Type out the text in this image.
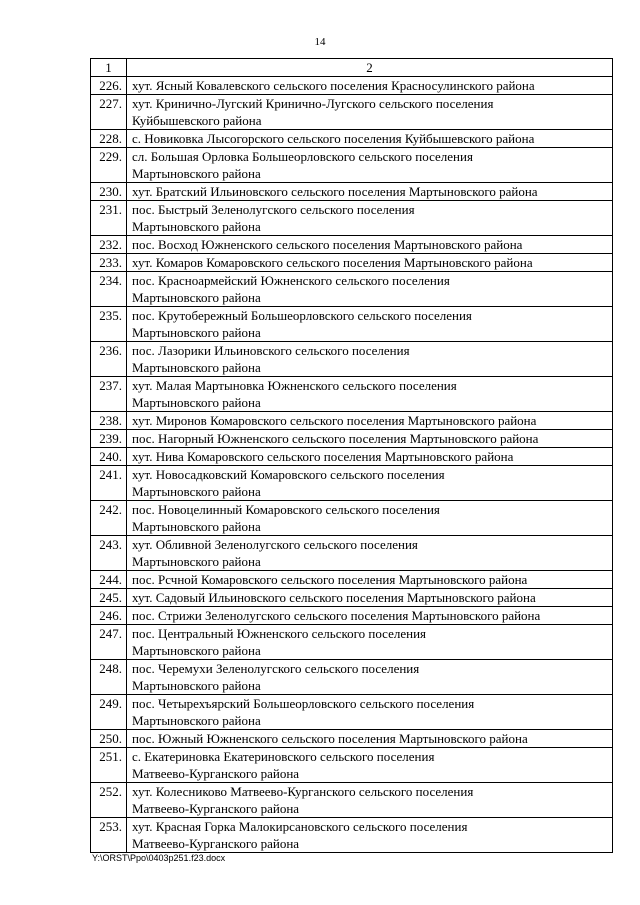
14
1	2
226.	хут. Ясный Ковалевского сельского поселения Красносулинского района

227.	хут. Кринично-Лугский Кринично-Лугского сельского поселения
Куйбышевского района

228.	с. Новиковка Лысогорского сельского поселения Куйбышевского района

229.	сл. Большая Орловка Большеорловского сельского поселения
Мартыновского района

230.	хут. Братский Ильиновского сельского поселения Мартыновского района

231.	пос. Быстрый Зеленолугского сельского поселения
Мартыновского района

232.	пос. Восход Южненского сельского поселения Мартыновского района

233.	хут. Комаров Комаровского сельского поселения Мартыновского района

234.	пос. Красноармейский Южненского сельского поселения
Мартыновского района

235.	пос. Крутобережный Большеорловского сельского поселения
Мартыновского района

236.	пос. Лазорики Ильиновского сельского поселения
Мартыновского района

237.	хут. Малая Мартыновка Южненского сельского поселения
Мартыновского района

238.	хут. Миронов Комаровского сельского поселения Мартыновского района

239.	пос. Нагорный Южненского сельского поселения Мартыновского района

240.	хут. Нива Комаровского сельского поселения Мартыновского района

241.	хут. Новосадковский Комаровского сельского поселения
Мартыновского района

242.	пос. Новоцелинный Комаровского сельского поселения
Мартыновского района

243.	хут. Обливной Зеленолугского сельского поселения
Мартыновского района

244.	пос. Рсчной Комаровского сельского поселения Мартыновского района

245.	хут. Садовый Ильиновского сельского поселения Мартыновского района

246.	пос. Стрижи Зеленолугского сельского поселения Мартыновского района

247.	пос. Центральный Южненского сельского поселения
Мартыновского района

248.	пос. Черемухи Зеленолугского сельского поселения
Мартыновского района

249.	пос. Четырехъярский Большеорловского сельского поселения
Мартыновского района

250.	пос. Южный Южненского сельского поселения Мартыновского района

251.	с. Екатериновка Екатериновского сельского поселения
Матвеево-Курганского района

252.	хут. Колесниково Матвеево-Курганского сельского поселения
Матвеево-Курганского района

253.	хут. Красная Горка Малокирсановского сельского поселения
Матвеево-Курганского района
Y:\ORST\Ppo\0403p251.f23.docx
